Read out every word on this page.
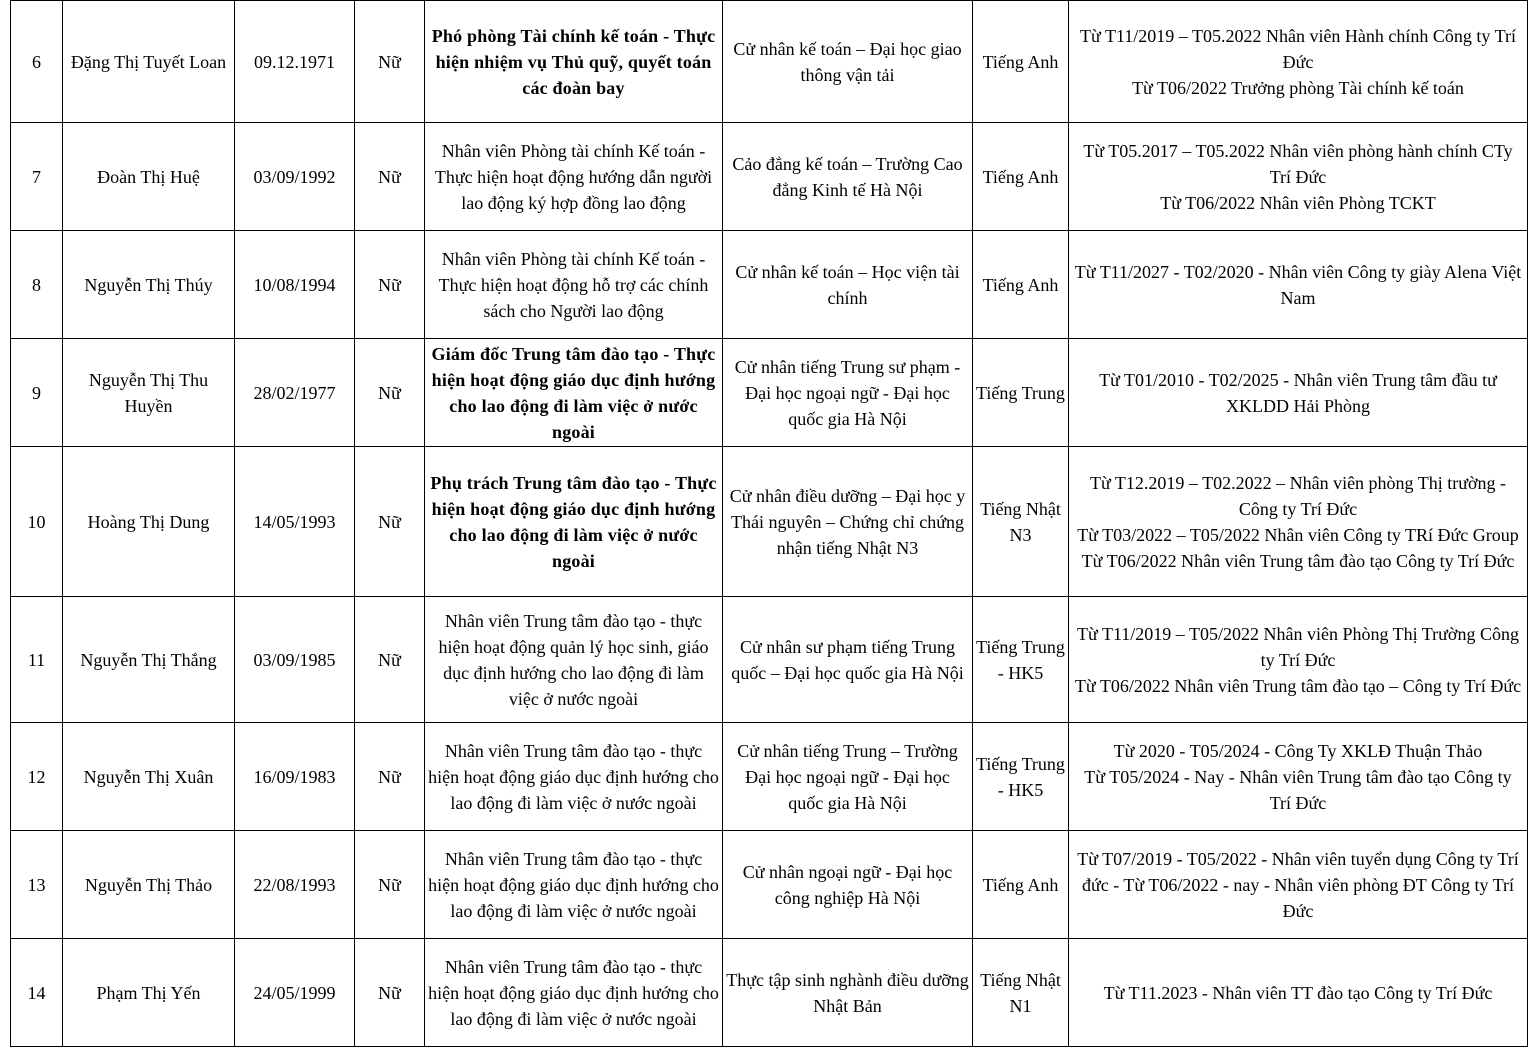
6	Đặng Thị Tuyết Loan	09.12.1971	Nữ	Phó phòng Tài chính kế toán - Thực hiện nhiệm vụ Thủ quỹ, quyết toán các đoàn bay	Cử nhân kế toán – Đại học giao thông vận tải	Tiếng Anh	Từ T11/2019 – T05.2022 Nhân viên Hành chính Công ty Trí Đức
Từ T06/2022 Trưởng phòng Tài chính kế toán

7	Đoàn Thị Huệ	03/09/1992	Nữ	Nhân viên Phòng tài chính Kế toán - Thực hiện hoạt động hướng dẫn người lao động ký hợp đồng lao động	Cảo đẳng kế toán – Trường Cao đẳng Kinh tế Hà Nội	Tiếng Anh	Từ T05.2017 – T05.2022 Nhân viên phòng hành chính CTy Trí Đức
Từ T06/2022 Nhân viên Phòng TCKT

8	Nguyễn Thị Thúy	10/08/1994	Nữ	Nhân viên Phòng tài chính Kế toán - Thực hiện hoạt động hỗ trợ các chính sách cho Người lao động	Cử nhân kế toán – Học viện tài chính	Tiếng Anh	Từ T11/2027 - T02/2020 - Nhân viên Công ty giày Alena Việt Nam

9	Nguyễn Thị Thu Huyền	28/02/1977	Nữ	Giám đốc Trung tâm đào tạo - Thực hiện hoạt động giáo dục định hướng cho lao động đi làm việc ở nước ngoài	Cử nhân tiếng Trung sư phạm - Đại học ngoại ngữ - Đại học quốc gia Hà Nội	Tiếng Trung	Từ T01/2010 - T02/2025 - Nhân viên Trung tâm đầu tư XKLDD Hải Phòng

10	Hoàng Thị Dung	14/05/1993	Nữ	Phụ trách Trung tâm đào tạo - Thực hiện hoạt động giáo dục định hướng cho lao động đi làm việc ở nước ngoài	Cử nhân điều dưỡng – Đại học y Thái nguyên – Chứng chỉ chứng nhận tiếng Nhật N3	Tiếng Nhật N3	Từ T12.2019 – T02.2022 – Nhân viên phòng Thị trường - Công ty Trí Đức
Từ T03/2022 – T05/2022 Nhân viên Công ty TRí Đức Group
Từ T06/2022 Nhân viên Trung tâm đào tạo Công ty Trí Đức

11	Nguyễn Thị Thắng	03/09/1985	Nữ	Nhân viên Trung tâm đào tạo - thực hiện hoạt động quản lý học sinh, giáo dục định hướng cho lao động đi làm việc ở nước ngoài	Cử nhân sư phạm tiếng Trung quốc – Đại học quốc gia Hà Nội	Tiếng Trung - HK5	Từ T11/2019 – T05/2022 Nhân viên Phòng Thị Trường Công ty Trí Đức
Từ T06/2022 Nhân viên Trung tâm đào tạo – Công ty Trí Đức

12	Nguyễn Thị Xuân	16/09/1983	Nữ	Nhân viên Trung tâm đào tạo - thực hiện hoạt động giáo dục định hướng cho lao động đi làm việc ở nước ngoài	Cử nhân tiếng Trung – Trường Đại học ngoại ngữ - Đại học quốc gia Hà Nội	Tiếng Trung - HK5	Từ 2020 - T05/2024 - Công Ty XKLĐ Thuận Thảo
Từ T05/2024 - Nay - Nhân viên Trung tâm đào tạo Công ty Trí Đức

13	Nguyễn Thị Thảo	22/08/1993	Nữ	Nhân viên Trung tâm đào tạo - thực hiện hoạt động giáo dục định hướng cho lao động đi làm việc ở nước ngoài	Cử nhân ngoại ngữ - Đại học công nghiệp Hà Nội	Tiếng Anh	Từ T07/2019 - T05/2022 - Nhân viên tuyển dụng Công ty Trí đức - Từ T06/2022 - nay - Nhân viên phòng ĐT Công ty Trí Đức

14	Phạm Thị Yến	24/05/1999	Nữ	Nhân viên Trung tâm đào tạo - thực hiện hoạt động giáo dục định hướng cho lao động đi làm việc ở nước ngoài	Thực tập sinh nghành điều dưỡng Nhật Bản	Tiếng Nhật N1	Từ T11.2023 - Nhân viên TT đào tạo Công ty Trí Đức
